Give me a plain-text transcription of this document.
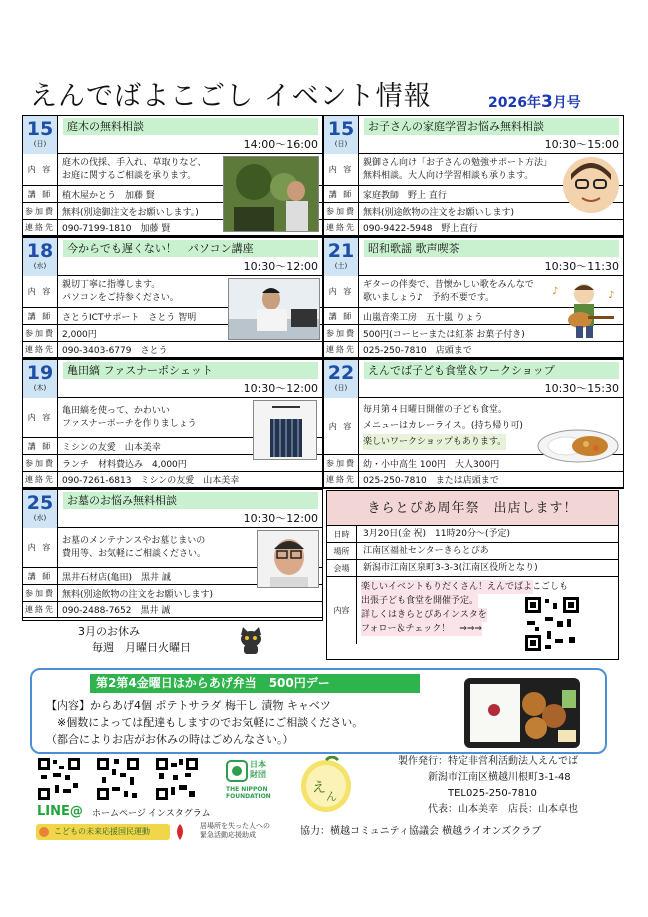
えんでばよこごし イベント情報	2026年3月号
15
(日)
庭木の無料相談
14:00〜16:00
内 容
庭木の伐採、手入れ、草取りなど、
お庭に関するご相談を承ります。
講 師	植木屋かとう　加藤 賢
参加費 無料(別途御注文をお願いします。)
連絡先 090-7199-1810　加藤 賢
15
(日)
お子さんの家庭学習お悩み無料相談
10:30〜15:00
内 容
親御さん向け「お子さんの勉強サポート方法」
無料相談。大人向け学習相談も承ります。
講 師	家庭教師　野上 直行
参加費 無料(別途飲物の注文をお願いします)
連絡先 090-9422-5948　野上直行
18
(水)
今からでも遅くない！　パソコン講座
10:30〜12:00
内 容
親切丁寧に指導します。
パソコンをご持参ください。
講 師	さとうICTサポート　さとう 智明
参加費 2,000円
連絡先 090-3403-6779　さとう
21
(土)
昭和歌謡 歌声喫茶
10:30〜11:30
内 容
ギターの伴奏で、昔懐かしい歌をみんなで
歌いましょう♪　予約不要です。
講 師	山嵐音楽工房　五十嵐 りょう
参加費 500円(コーヒーまたは紅茶 お菓子付き)
連絡先 025-250-7810　店頭まで
♪	♪
19
(木)
亀田縞 ファスナーポシェット
10:30〜12:00
内 容
亀田縞を使って、かわいい
ファスナーポーチを作りましょう
講 師	ミシンの友愛　山本美幸
参加費 ランチ　材料費込み　4,000円
連絡先 090-7261-6813　ミシンの友愛　山本美幸
22
(日)
えんでば子ども食堂＆ワークショップ
10:30〜15:30
内 容
毎月第４日曜日開催の子ども食堂。
メニューはカレーライス。(持ち帰り可)
楽しいワークショップもあります。
参加費 幼・小中高生 100円　大人300円
連絡先 025-250-7810　または店頭まで
25
(水)
お墓のお悩み無料相談
10:30〜12:00
内 容
お墓のメンテナンスやお墓じまいの
費用等、お気軽にご相談ください。
講 師	黒井石材店(亀田)　黒井 誠
参加費 無料(別途飲物の注文をお願いします)
連絡先 090-2488-7652　黒井 誠
きらとぴあ周年祭　出店します！
日時	3月20日(金 祝)　11時20分〜(予定)
場所	江南区福祉センターきらとぴあ
会場	新潟市江南区泉町3-3-3(江南区役所となり)
内容
楽しいイベントもりだくさん！えんでばよこごしも
出張子ども食堂を開催予定。 詳しくはきらとぴあインスタを フォロー＆チェック！　⇒⇒⇒
3月のお休み
毎週　月曜日火曜日
第2第4金曜日はからあげ弁当　500円デー
【内容】からあげ4個 ポテトサラダ 梅干し 漬物 キャベツ
　※個数によっては配達もしますのでお気軽にご相談ください。
（都合によりお店がお休みの時はごめんなさい。）
LINE@ ホームページ インスタグラム
日本
財団
THE NIPPON
FOUNDATION
え
ん
こどもの未来応援国民運動
居場所を失った人への
緊急活動応援助成
製作発行：特定非営利活動法人えんでば
新潟市江南区横越川根町3-1-48
TEL025-250-7810
代表：山本美幸　店長：山本卓也
協力：横越コミュニティ協議会 横越ライオンズクラブ
